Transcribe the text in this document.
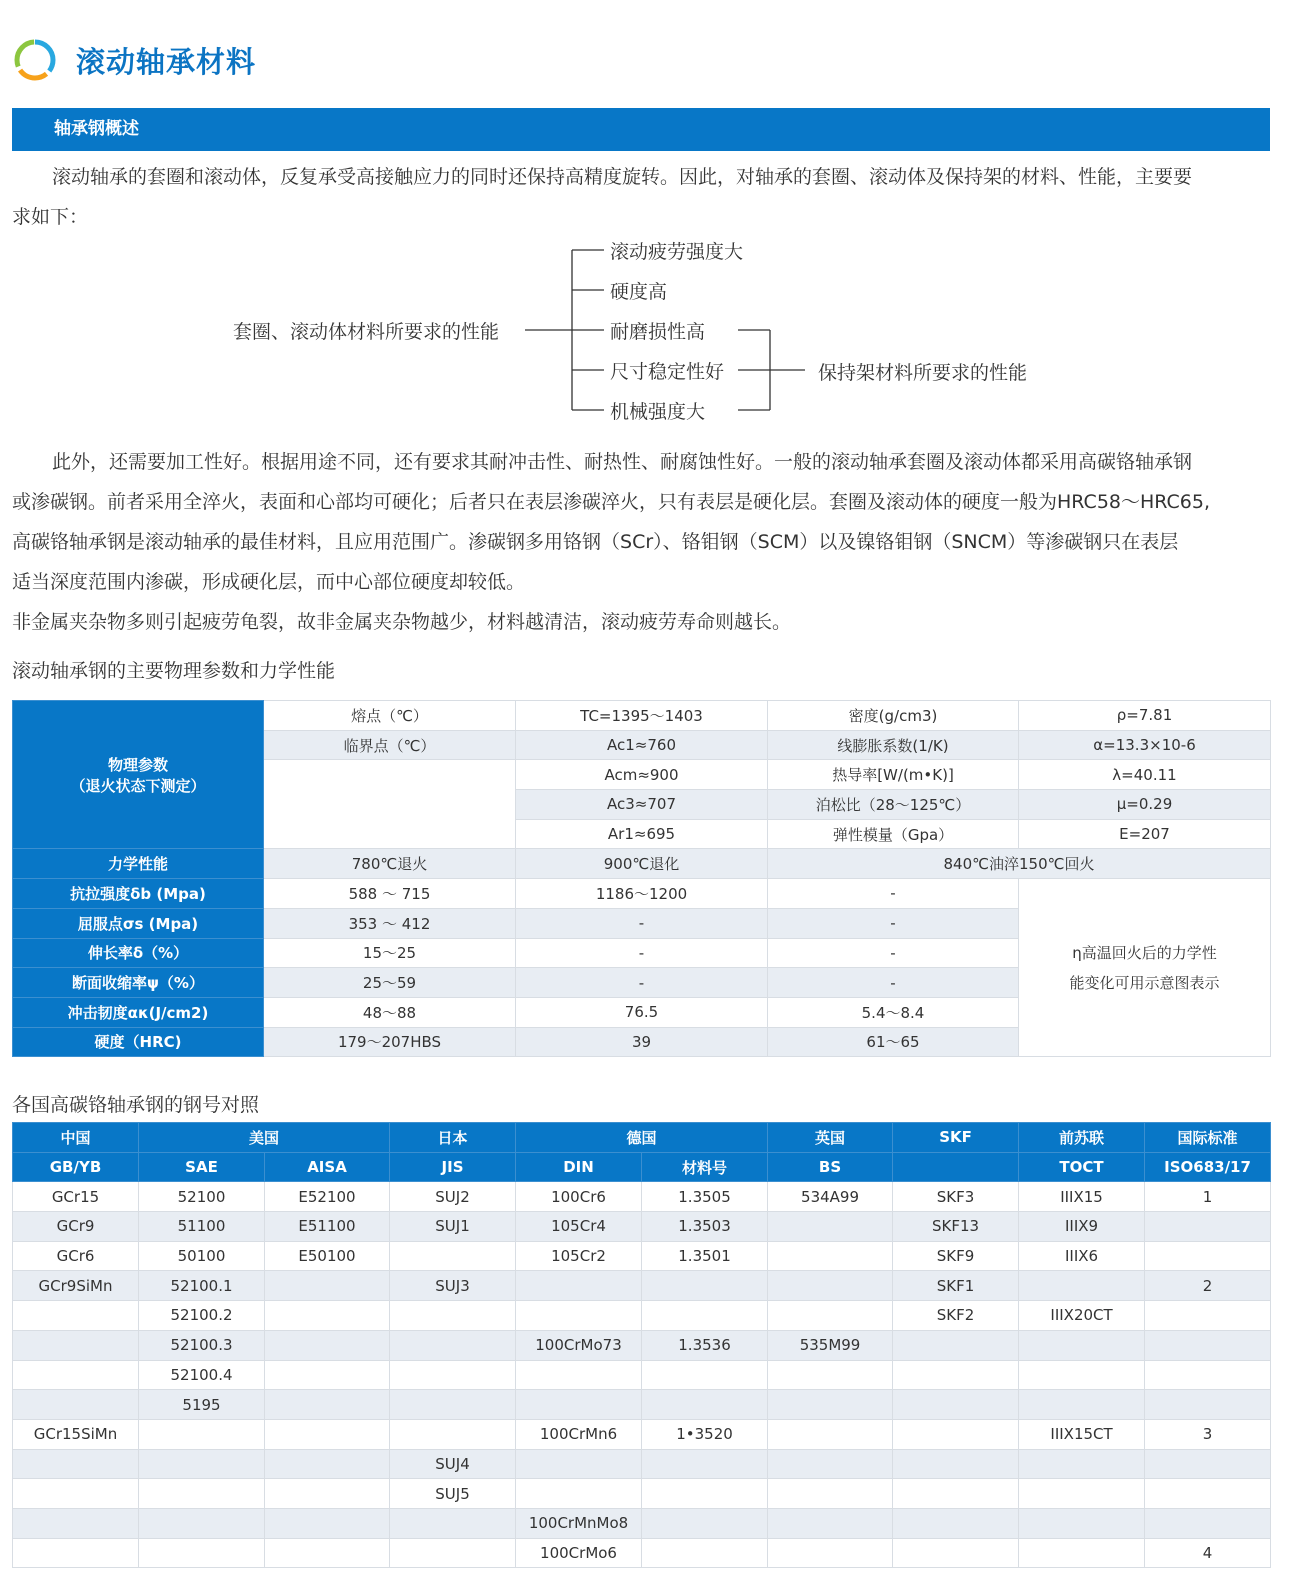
滚动轴承材料
轴承钢概述
滚动轴承的套圈和滚动体，反复承受高接触应力的同时还保持高精度旋转。因此，对轴承的套圈、滚动体及保持架的材料、性能，主要要
求如下：
套圈、滚动体材料所要求的性能
滚动疲劳强度大
硬度高
耐磨损性高
尺寸稳定性好
机械强度大
保持架材料所要求的性能
此外，还需要加工性好。根据用途不同，还有要求其耐冲击性、耐热性、耐腐蚀性好。一般的滚动轴承套圈及滚动体都采用高碳铬轴承钢
或渗碳钢。前者采用全淬火，表面和心部均可硬化；后者只在表层渗碳淬火，只有表层是硬化层。套圈及滚动体的硬度一般为HRC58～HRC65,
高碳铬轴承钢是滚动轴承的最佳材料，且应用范围广。渗碳钢多用铬钢（SCr）、铬钼钢（SCM）以及镍铬钼钢（SNCM）等渗碳钢只在表层
适当深度范围内渗碳，形成硬化层，而中心部位硬度却较低。
非金属夹杂物多则引起疲劳龟裂，故非金属夹杂物越少，材料越清洁，滚动疲劳寿命则越长。
滚动轴承钢的主要物理参数和力学性能
物理参数
（退火状态下测定）	熔点（℃）	TC=1395～1403	密度(g/cm3)	ρ=7.81
	临界点（℃）	Ac1≈760	线膨胀系数(1/K)	α=13.3×10-6
		Acm≈900	热导率[W/(m•K)]	λ=40.11
		Ac3≈707	泊松比（28～125℃）	μ=0.29
		Ar1≈695	弹性模量（Gpa）	E=207
力学性能	780℃退火	900℃退化	840℃油淬150℃回火	
抗拉强度δb (Mpa)	588 ～ 715	1186～1200	-	η高温回火后的力学性
能变化可用示意图表示

屈服点σs (Mpa)	353 ～ 412	-	-	
伸长率δ（%）	15～25	-	-	
断面收缩率ψ（%）	25～59	-	-	
冲击韧度ακ(J/cm2)	48～88	76.5	5.4～8.4	
硬度（HRC)	179～207HBS	39	61～65	
各国高碳铬轴承钢的钢号对照
中国	美国		日本	德国		英国	SKF	前苏联	国际标准
GB/YB	SAE	AISA	JIS	DIN	材料号	BS		TOCT	ISO683/17
GCr15	52100	E52100	SUJ2	100Cr6	1.3505	534A99	SKF3	IIIX15	1
GCr9	51100	E51100	SUJ1	105Cr4	1.3503		SKF13	IIIX9	
GCr6	50100	E50100		105Cr2	1.3501		SKF9	IIIX6	
GCr9SiMn	52100.1		SUJ3				SKF1		2
	52100.2						SKF2	IIIX20CT	
	52100.3			100CrMo73	1.3536	535M99			
	52100.4								
	5195								
GCr15SiMn				100CrMn6	1•3520			IIIX15CT	3
			SUJ4						
			SUJ5						
				100CrMnMo8					
				100CrMo6					4
